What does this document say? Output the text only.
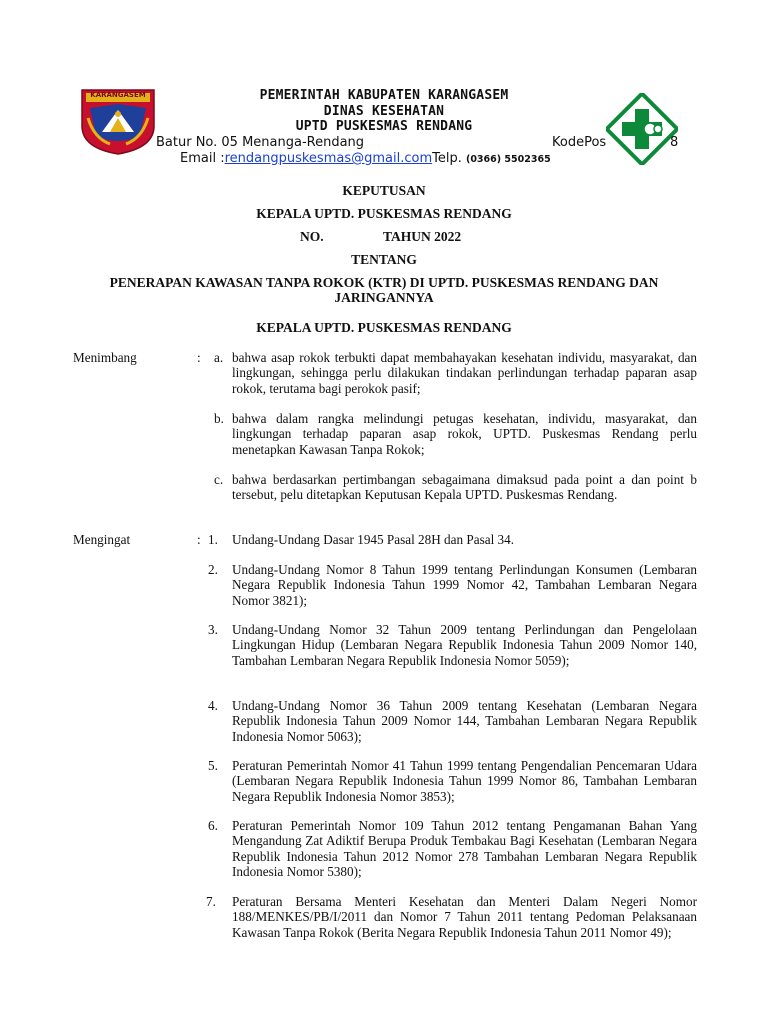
KARANGASEM	PEMERINTAH KABUPATEN KARANGASEM
DINAS KESEHATAN
UPTD PUSKESMAS RENDANG
Batur No. 05 Menanga-Rendang	KodePos	8
Email :rendangpuskesmas@gmail.comTelp. (0366) 5502365
KEPUTUSAN
KEPALA UPTD. PUSKESMAS RENDANG
NO.	TAHUN 2022
TENTANG
PENERAPAN KAWASAN TANPA ROKOK (KTR) DI UPTD. PUSKESMAS RENDANG DAN
JARINGANNYA
KEPALA UPTD. PUSKESMAS RENDANG
Menimbang	: a. bahwa asap rokok terbukti dapat membahayakan kesehatan individu, masyarakat, dan lingkungan, sehingga perlu dilakukan tindakan perlindungan terhadap paparan asap rokok, terutama bagi perokok pasif;
b. bahwa dalam rangka melindungi petugas kesehatan, individu, masyarakat, dan lingkungan terhadap paparan asap rokok, UPTD. Puskesmas Rendang perlu menetapkan Kawasan Tanpa Rokok;
c. bahwa berdasarkan pertimbangan sebagaimana dimaksud pada point a dan point b tersebut, pelu ditetapkan Keputusan Kepala UPTD. Puskesmas Rendang.
Mengingat	: 1. Undang-Undang Dasar 1945 Pasal 28H dan Pasal 34.
2. Undang-Undang Nomor 8 Tahun 1999 tentang Perlindungan Konsumen (Lembaran Negara Republik Indonesia Tahun 1999 Nomor 42, Tambahan Lembaran Negara Nomor 3821);
3. Undang-Undang Nomor 32 Tahun 2009 tentang Perlindungan dan Pengelolaan Lingkungan Hidup (Lembaran Negara Republik Indonesia Tahun 2009 Nomor 140, Tambahan Lembaran Negara Republik Indonesia Nomor 5059);
4. Undang-Undang Nomor 36 Tahun 2009 tentang Kesehatan (Lembaran Negara Republik Indonesia Tahun 2009 Nomor 144, Tambahan Lembaran Negara Republik Indonesia Nomor 5063);
5. Peraturan Pemerintah Nomor 41 Tahun 1999 tentang Pengendalian Pencemaran Udara (Lembaran Negara Republik Indonesia Tahun 1999 Nomor 86, Tambahan Lembaran Negara Republik Indonesia Nomor 3853);
6. Peraturan Pemerintah Nomor 109 Tahun 2012 tentang Pengamanan Bahan Yang Mengandung Zat Adiktif Berupa Produk Tembakau Bagi Kesehatan (Lembaran Negara Republik Indonesia Tahun 2012 Nomor 278 Tambahan Lembaran Negara Republik Indonesia Nomor 5380);
7. Peraturan Bersama Menteri Kesehatan dan Menteri Dalam Negeri Nomor 188/MENKES/PB/I/2011 dan Nomor 7 Tahun 2011 tentang Pedoman Pelaksanaan Kawasan Tanpa Rokok (Berita Negara Republik Indonesia Tahun 2011 Nomor 49);
